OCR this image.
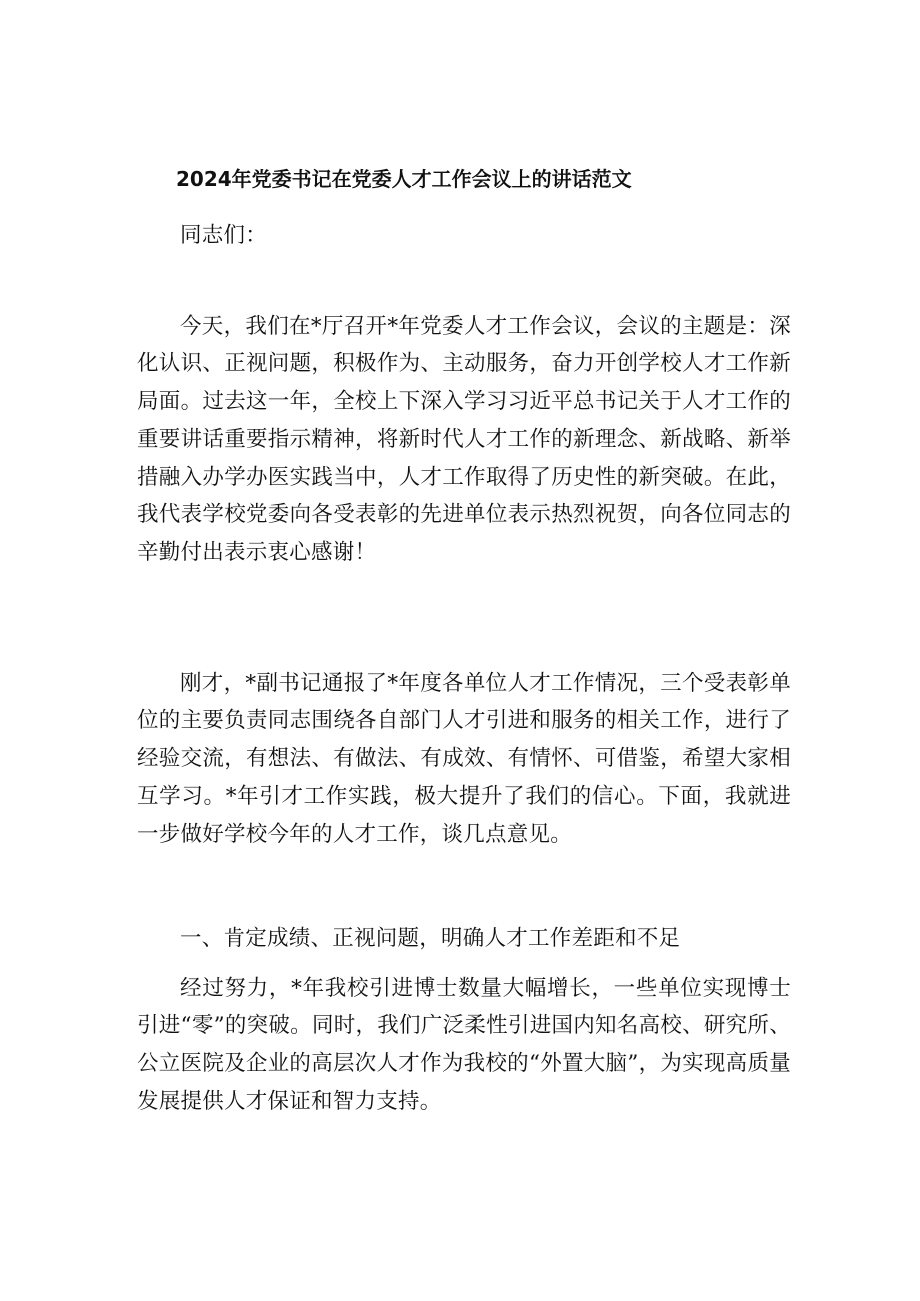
2024年党委书记在党委人才工作会议上的讲话范文

同志们：

今天，我们在*厅召开*年党委人才工作会议，会议的主题是：深化认识、正视问题，积极作为、主动服务，奋力开创学校人才工作新局面。过去这一年，全校上下深入学习习近平总书记关于人才工作的重要讲话重要指示精神，将新时代人才工作的新理念、新战略、新举措融入办学办医实践当中，人才工作取得了历史性的新突破。在此，我代表学校党委向各受表彰的先进单位表示热烈祝贺，向各位同志的辛勤付出表示衷心感谢！

刚才，*副书记通报了*年度各单位人才工作情况，三个受表彰单位的主要负责同志围绕各自部门人才引进和服务的相关工作，进行了经验交流，有想法、有做法、有成效、有情怀、可借鉴，希望大家相互学习。*年引才工作实践，极大提升了我们的信心。下面，我就进一步做好学校今年的人才工作，谈几点意见。

一、肯定成绩、正视问题，明确人才工作差距和不足

经过努力，*年我校引进博士数量大幅增长，一些单位实现博士引进“零”的突破。同时，我们广泛柔性引进国内知名高校、研究所、公立医院及企业的高层次人才作为我校的“外置大脑”，为实现高质量发展提供人才保证和智力支持。
